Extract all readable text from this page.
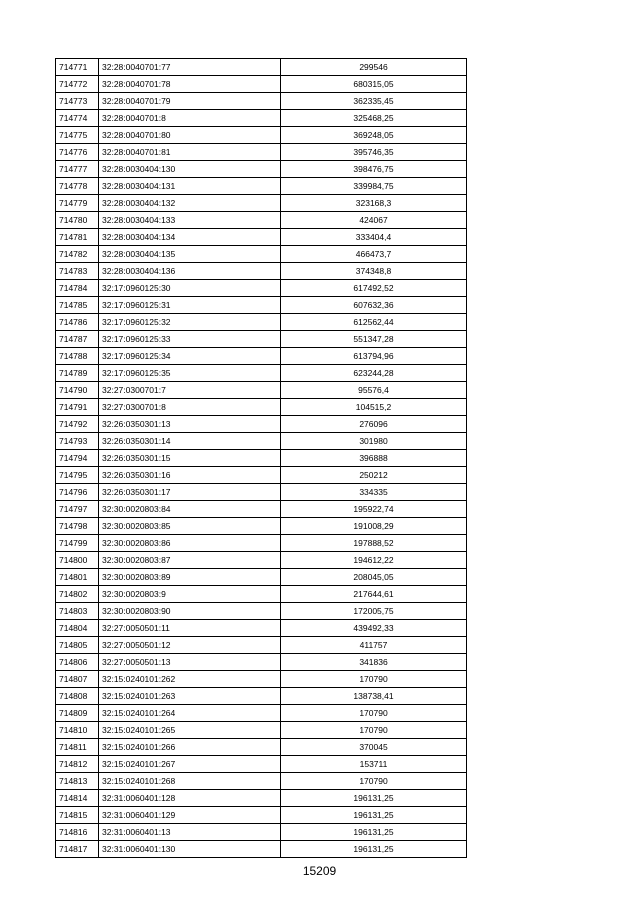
714771	32:28:0040701:77	299546
714772	32:28:0040701:78	680315,05
714773	32:28:0040701:79	362335,45
714774	32:28:0040701:8	325468,25
714775	32:28:0040701:80	369248,05
714776	32:28:0040701:81	395746,35
714777	32:28:0030404:130	398476,75
714778	32:28:0030404:131	339984,75
714779	32:28:0030404:132	323168,3
714780	32:28:0030404:133	424067
714781	32:28:0030404:134	333404,4
714782	32:28:0030404:135	466473,7
714783	32:28:0030404:136	374348,8
714784	32:17:0960125:30	617492,52
714785	32:17:0960125:31	607632,36
714786	32:17:0960125:32	612562,44
714787	32:17:0960125:33	551347,28
714788	32:17:0960125:34	613794,96
714789	32:17:0960125:35	623244,28
714790	32:27:0300701:7	95576,4
714791	32:27:0300701:8	104515,2
714792	32:26:0350301:13	276096
714793	32:26:0350301:14	301980
714794	32:26:0350301:15	396888
714795	32:26:0350301:16	250212
714796	32:26:0350301:17	334335
714797	32:30:0020803:84	195922,74
714798	32:30:0020803:85	191008,29
714799	32:30:0020803:86	197888,52
714800	32:30:0020803:87	194612,22
714801	32:30:0020803:89	208045,05
714802	32:30:0020803:9	217644,61
714803	32:30:0020803:90	172005,75
714804	32:27:0050501:11	439492,33
714805	32:27:0050501:12	411757
714806	32:27:0050501:13	341836
714807	32:15:0240101:262	170790
714808	32:15:0240101:263	138738,41
714809	32:15:0240101:264	170790
714810	32:15:0240101:265	170790
714811	32:15:0240101:266	370045
714812	32:15:0240101:267	153711
714813	32:15:0240101:268	170790
714814	32:31:0060401:128	196131,25
714815	32:31:0060401:129	196131,25
714816	32:31:0060401:13	196131,25
714817	32:31:0060401:130	196131,25
15209
